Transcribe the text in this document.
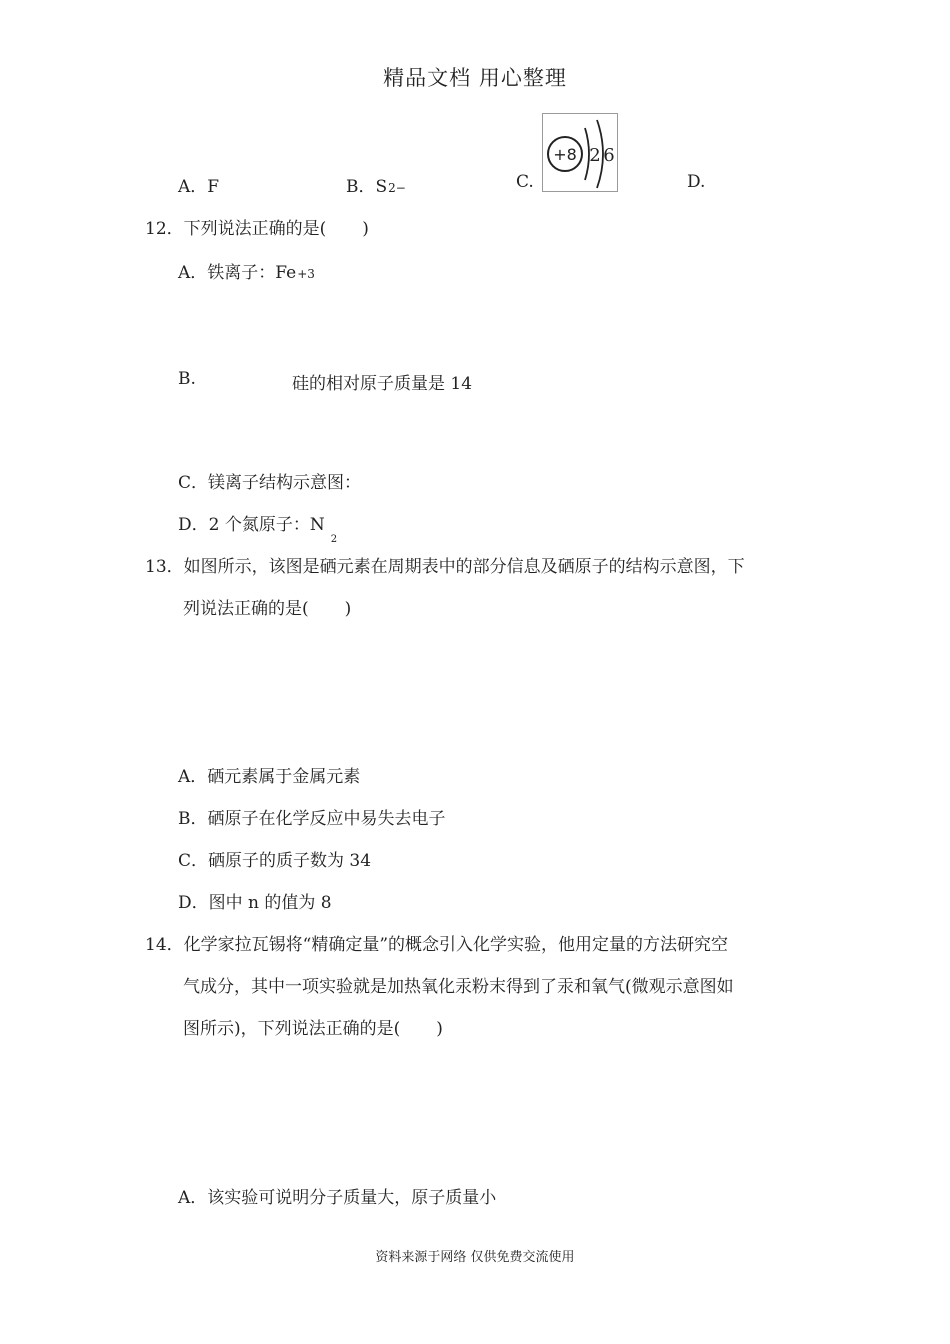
精品文档 用心整理
A．F	B．S2−	C.
+8 2 6
D.
12．下列说法正确的是( )
A．铁离子：Fe+3
B.	硅的相对原子质量是 14
C．镁离子结构示意图：
D．2 个氮原子：$N_2$
13．如图所示，该图是硒元素在周期表中的部分信息及硒原子的结构示意图，下
列说法正确的是( )
A．硒元素属于金属元素
B．硒原子在化学反应中易失去电子
C．硒原子的质子数为 34
D．图中 n 的值为 8
14．化学家拉瓦锡将“精确定量”的概念引入化学实验，他用定量的方法研究空
气成分，其中一项实验就是加热氧化汞粉末得到了汞和氧气(微观示意图如
图所示)，下列说法正确的是( )
A．该实验可说明分子质量大，原子质量小
资料来源于网络 仅供免费交流使用
